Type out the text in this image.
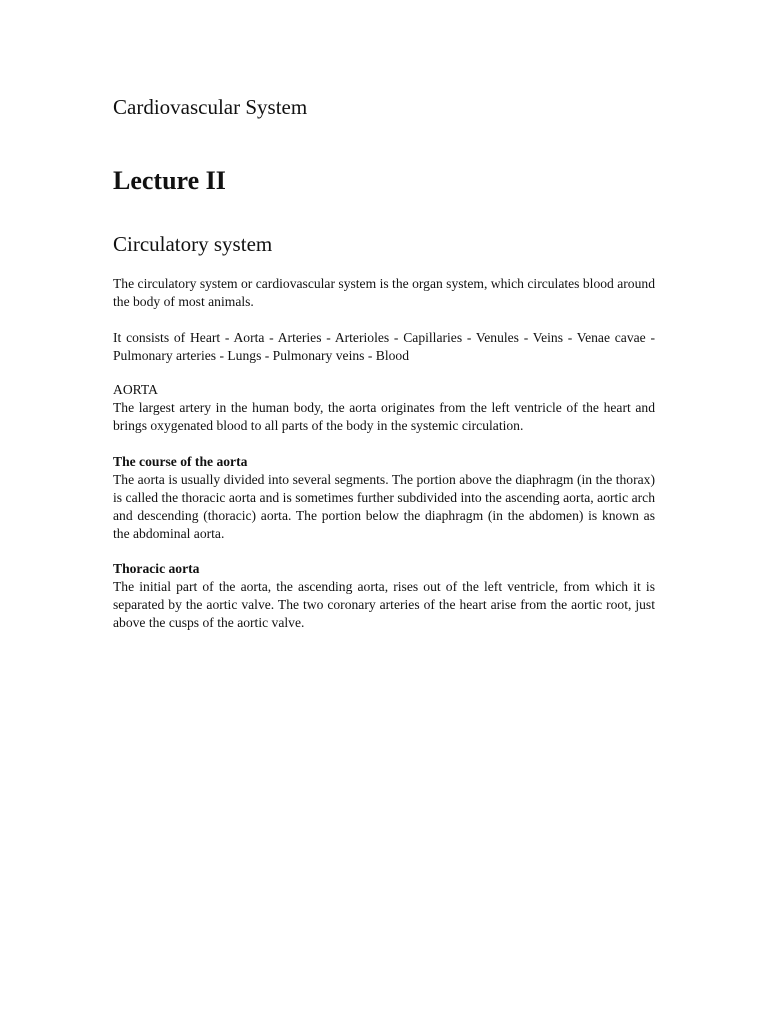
Cardiovascular System
Lecture II
Circulatory system

The circulatory system or cardiovascular system is the organ system, which circulates blood around the body of most animals.

It consists of Heart - Aorta - Arteries - Arterioles - Capillaries - Venules - Veins - Venae cavae - Pulmonary arteries - Lungs - Pulmonary veins - Blood

AORTA

The largest artery in the human body, the aorta originates from the left ventricle of the heart and brings oxygenated blood to all parts of the body in the systemic circulation.

The course of the aorta

The aorta is usually divided into several segments. The portion above the diaphragm (in the thorax) is called the thoracic aorta and is sometimes further subdivided into the ascending aorta, aortic arch and descending (thoracic) aorta. The portion below the diaphragm (in the abdomen) is known as the abdominal aorta.

Thoracic aorta

The initial part of the aorta, the ascending aorta, rises out of the left ventricle, from which it is separated by the aortic valve. The two coronary arteries of the heart arise from the aortic root, just above the cusps of the aortic valve.
